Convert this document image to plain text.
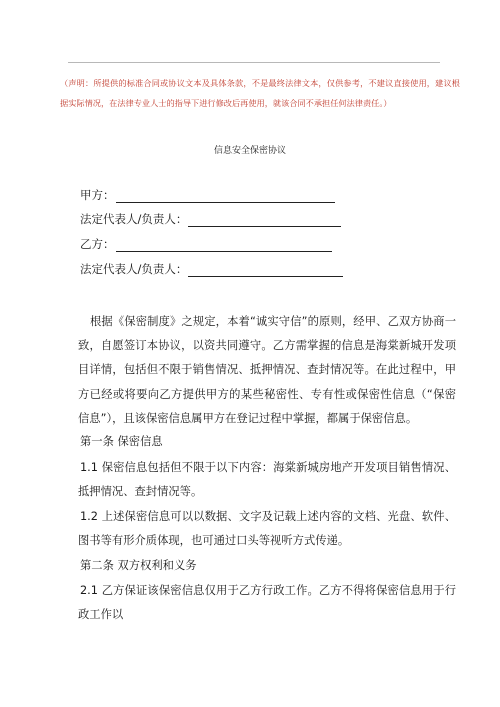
（声明：所提供的标准合同或协议文本及具体条款，不是最终法律文本，仅供参考，不建议直接使用，建议根据实际情况，在法律专业人士的指导下进行修改后再使用，就该合同不承担任何法律责任。）
信息安全保密协议
甲方：
法定代表人/负责人：
乙方：
法定代表人/负责人：
根据《保密制度》之规定，本着“诚实守信”的原则，经甲、乙双方协商一致，自愿签订本协议，以资共同遵守。乙方需掌握的信息是海棠新城开发项目详情，包括但不限于销售情况、抵押情况、查封情况等。在此过程中，甲方已经或将要向乙方提供甲方的某些秘密性、专有性或保密性信息（“保密信息”），且该保密信息属甲方在登记过程中掌握，都属于保密信息。
第一条 保密信息
1.1 保密信息包括但不限于以下内容：海棠新城房地产开发项目销售情况、抵押情况、查封情况等。
1.2 上述保密信息可以以数据、文字及记载上述内容的文档、光盘、软件、图书等有形介质体现，也可通过口头等视听方式传递。
第二条 双方权利和义务
2.1 乙方保证该保密信息仅用于乙方行政工作。乙方不得将保密信息用于行政工作以
